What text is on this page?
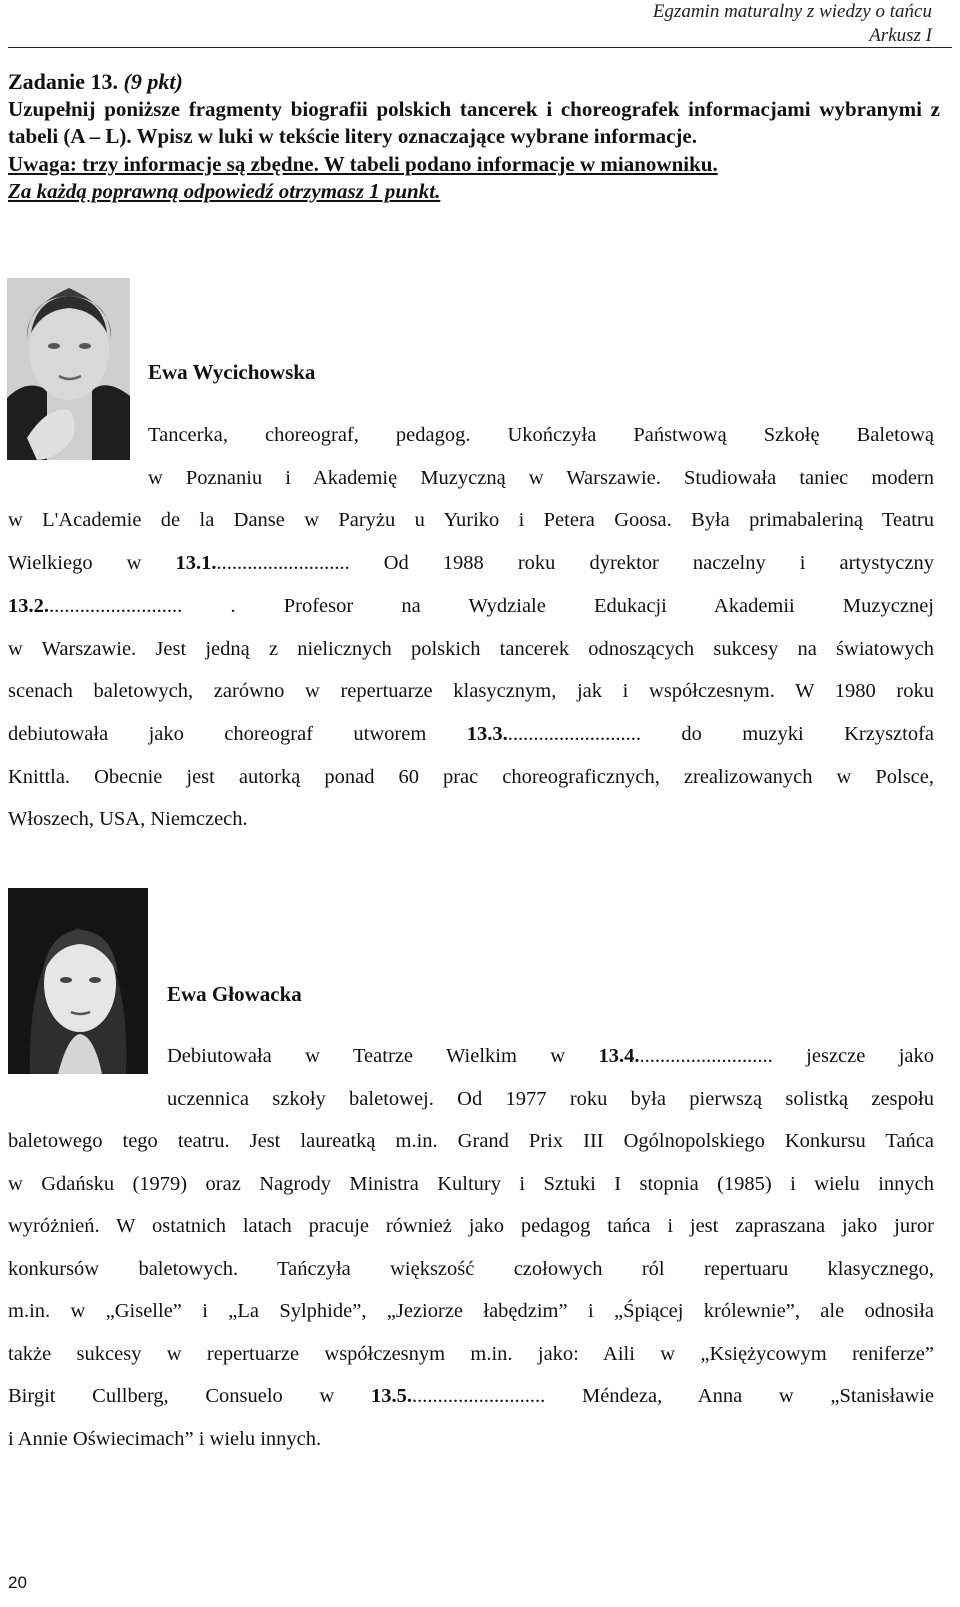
Egzamin maturalny z wiedzy o tańcu
Arkusz I
Zadanie 13. (9 pkt)
Uzupełnij poniższe fragmenty biografii polskich tancerek i choreografek informacjami wybranymi z tabeli (A – L). Wpisz w luki w tekście litery oznaczające wybrane informacje.
Uwaga: trzy informacje są zbędne. W tabeli podano informacje w mianowniku.
Za każdą poprawną odpowiedź otrzymasz 1 punkt.
Ewa Wycichowska
Tancerka, choreograf, pedagog. Ukończyła Państwową Szkołę Baletową
w Poznaniu i Akademię Muzyczną w Warszawie. Studiowała taniec modern
w L'Academie de la Danse w Paryżu u Yuriko i Petera Goosa. Była primabaleriną Teatru
Wielkiego w 13.1........................... Od 1988 roku dyrektor naczelny i artystyczny
13.2........................... . Profesor na Wydziale Edukacji Akademii Muzycznej
w Warszawie. Jest jedną z nielicznych polskich tancerek odnoszących sukcesy na światowych
scenach baletowych, zarówno w repertuarze klasycznym, jak i współczesnym. W 1980 roku
debiutowała jako choreograf utworem 13.3........................... do muzyki Krzysztofa
Knittla. Obecnie jest autorką ponad 60 prac choreograficznych, zrealizowanych w Polsce,
Włoszech, USA, Niemczech.
Ewa Głowacka
Debiutowała w Teatrze Wielkim w 13.4........................... jeszcze jako
uczennica szkoły baletowej. Od 1977 roku była pierwszą solistką zespołu
baletowego tego teatru. Jest laureatką m.in. Grand Prix III Ogólnopolskiego Konkursu Tańca
w Gdańsku (1979) oraz Nagrody Ministra Kultury i Sztuki I stopnia (1985) i wielu innych
wyróżnień. W ostatnich latach pracuje również jako pedagog tańca i jest zapraszana jako juror
konkursów baletowych. Tańczyła większość czołowych ról repertuaru klasycznego,
m.in. w „Giselle” i „La Sylphide”, „Jeziorze łabędzim” i „Śpiącej królewnie”, ale odnosiła
także sukcesy w repertuarze współczesnym m.in. jako: Aili w „Księżycowym reniferze”
Birgit Cullberg, Consuelo w 13.5........................... Méndeza, Anna w „Stanisławie
i Annie Oświecimach” i wielu innych.
20
